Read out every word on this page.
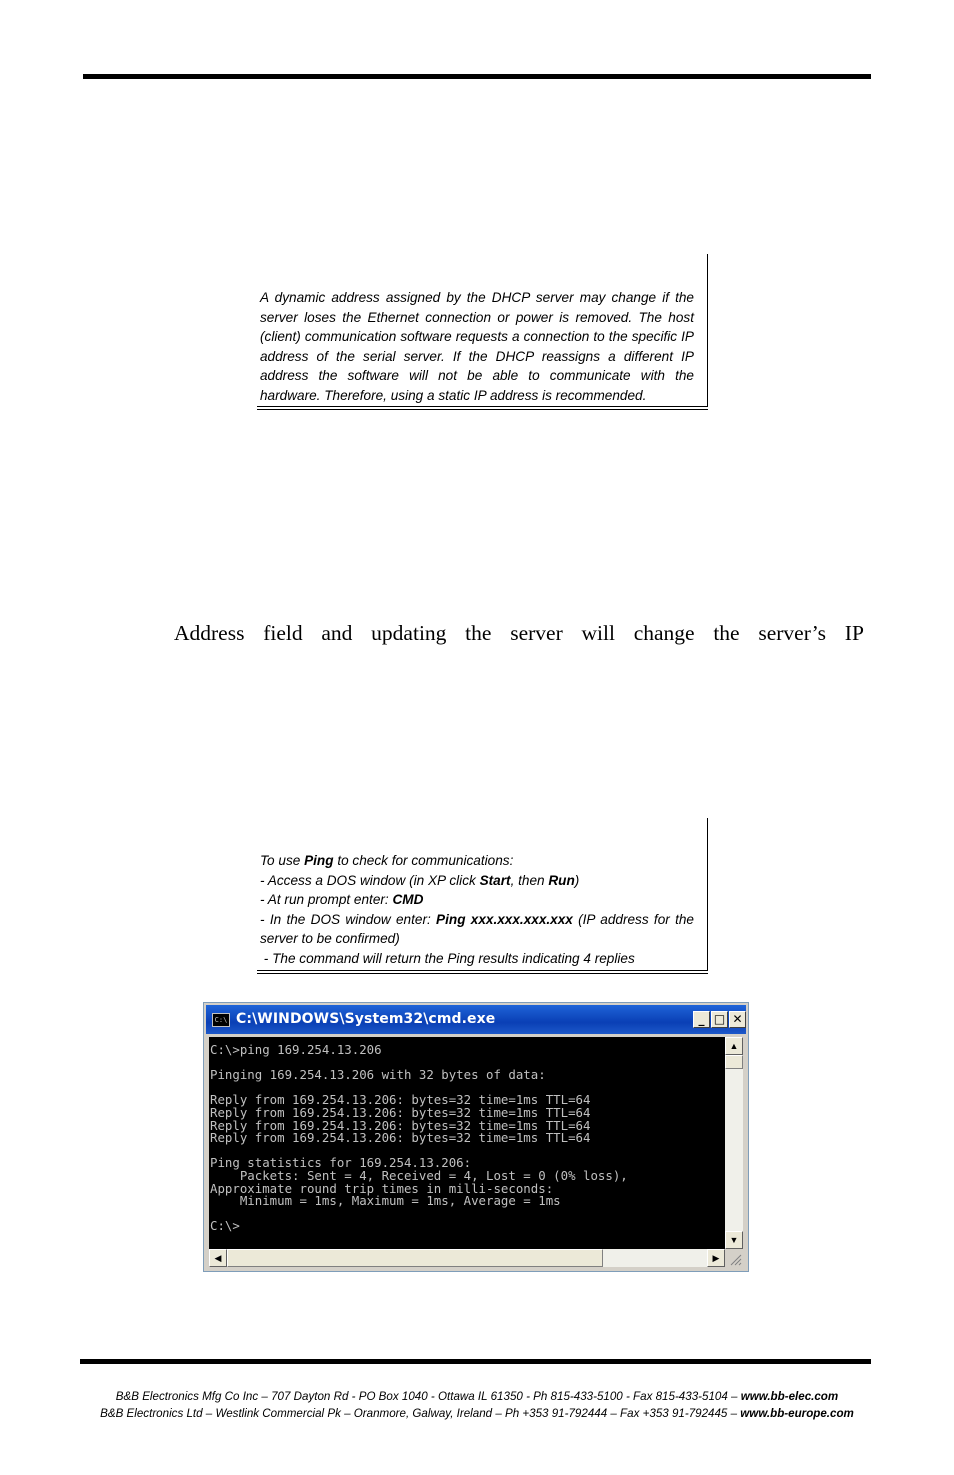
A dynamic address assigned by the DHCP server may change if the server loses the Ethernet connection or power is removed. The host (client) communication software requests a connection to the specific IP address of the serial server. If the DHCP reassigns a different IP address the software will not be able to communicate with the hardware. Therefore, using a static IP address is recommended.
Address field and updating the server will change the server’s IP
To use Ping to check for communications:
- Access a DOS window (in XP click Start, then Run)
- At run prompt enter: CMD
- In the DOS window enter: Ping xxx.xxx.xxx.xxx (IP address for the server to be confirmed)
- The command will return the Ping results indicating 4 replies
C:\ C:\WINDOWS\System32\cmd.exe	_ □ ✕
C:\>ping 169.254.13.206

Pinging 169.254.13.206 with 32 bytes of data:

Reply from 169.254.13.206: bytes=32 time=1ms TTL=64
Reply from 169.254.13.206: bytes=32 time=1ms TTL=64
Reply from 169.254.13.206: bytes=32 time=1ms TTL=64
Reply from 169.254.13.206: bytes=32 time=1ms TTL=64

Ping statistics for 169.254.13.206:
Packets: Sent = 4, Received = 4, Lost = 0 (0% loss),
Approximate round trip times in milli-seconds:
Minimum = 1ms, Maximum = 1ms, Average = 1ms

C:\>
▲
▼
◀	▶
B&B Electronics Mfg Co Inc – 707 Dayton Rd - PO Box 1040 - Ottawa IL 61350 - Ph 815-433-5100 - Fax 815-433-5104 – www.bb-elec.com
B&B Electronics Ltd – Westlink Commercial Pk – Oranmore, Galway, Ireland – Ph +353 91-792444 – Fax +353 91-792445 – www.bb-europe.com
